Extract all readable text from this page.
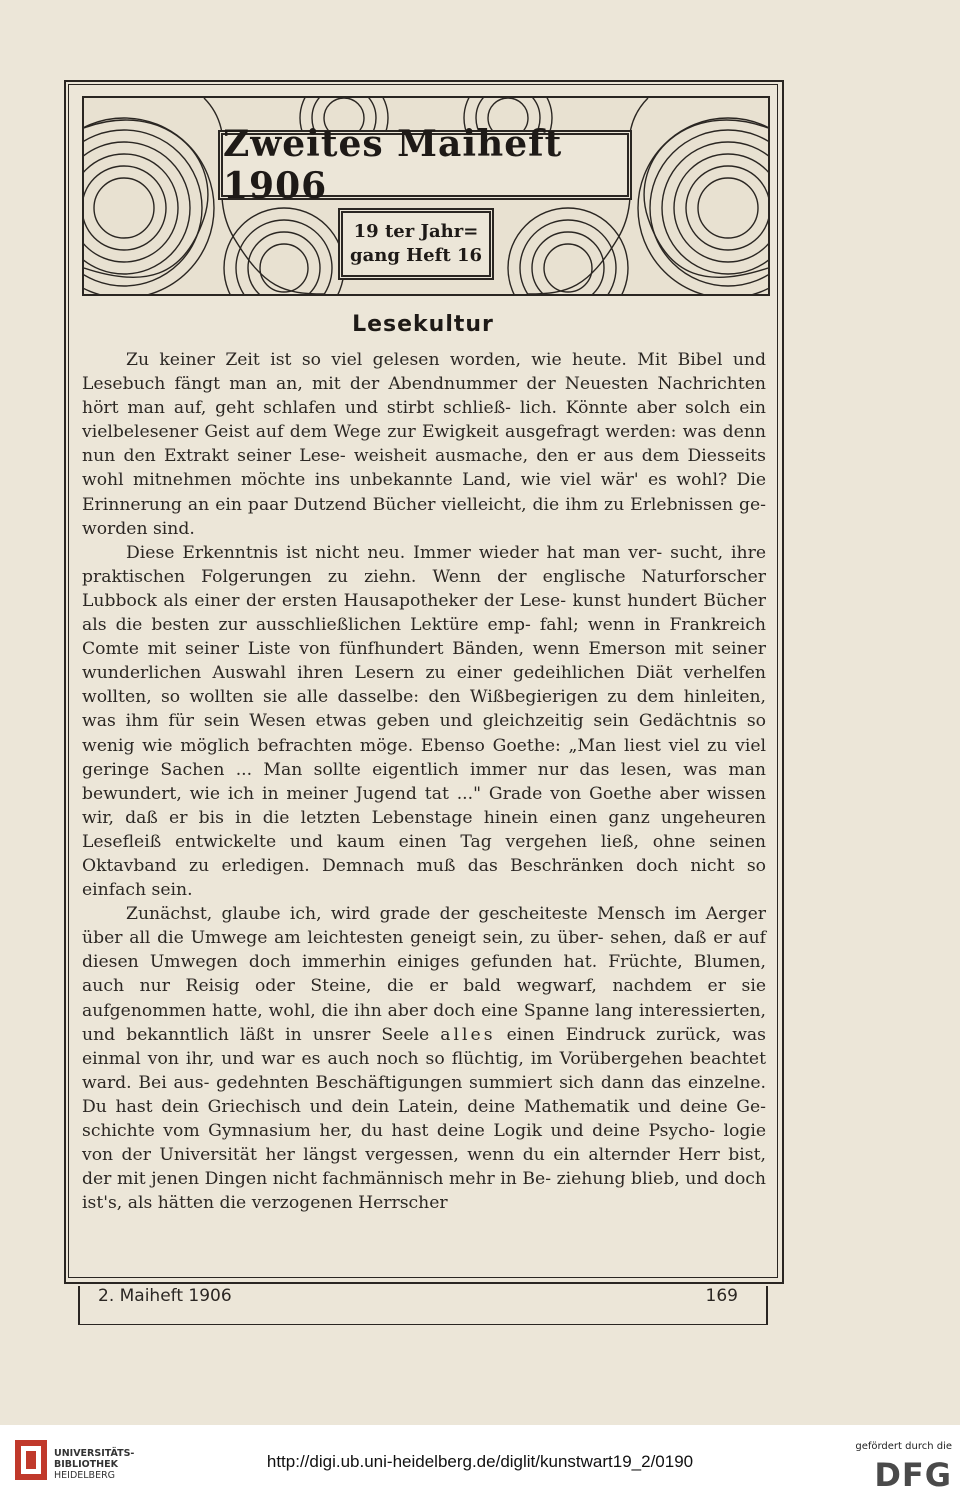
Zweites Maiheft 1906
19 ter Jahr=
gang Heft 16
Lesekultur

Zu keiner Zeit ist so viel gelesen worden, wie heute. Mit Bibel und Lesebuch fängt man an, mit der Abendnummer der Neuesten Nachrichten hört man auf, geht schlafen und stirbt schließ- lich. Könnte aber solch ein vielbelesener Geist auf dem Wege zur Ewigkeit ausgefragt werden: was denn nun den Extrakt seiner Lese- weisheit ausmache, den er aus dem Diesseits wohl mitnehmen möchte ins unbekannte Land, wie viel wär' es wohl? Die Erinnerung an ein paar Dutzend Bücher vielleicht, die ihm zu Erlebnissen ge- worden sind.

Diese Erkenntnis ist nicht neu. Immer wieder hat man ver- sucht, ihre praktischen Folgerungen zu ziehn. Wenn der englische Naturforscher Lubbock als einer der ersten Hausapotheker der Lese- kunst hundert Bücher als die besten zur ausschließlichen Lektüre emp- fahl; wenn in Frankreich Comte mit seiner Liste von fünfhundert Bänden, wenn Emerson mit seiner wunderlichen Auswahl ihren Lesern zu einer gedeihlichen Diät verhelfen wollten, so wollten sie alle dasselbe: den Wißbegierigen zu dem hinleiten, was ihm für sein Wesen etwas geben und gleichzeitig sein Gedächtnis so wenig wie möglich befrachten möge. Ebenso Goethe: „Man liest viel zu viel geringe Sachen ... Man sollte eigentlich immer nur das lesen, was man bewundert, wie ich in meiner Jugend tat ..." Grade von Goethe aber wissen wir, daß er bis in die letzten Lebenstage hinein einen ganz ungeheuren Lesefleiß entwickelte und kaum einen Tag vergehen ließ, ohne seinen Oktavband zu erledigen. Demnach muß das Beschränken doch nicht so einfach sein.

Zunächst, glaube ich, wird grade der gescheiteste Mensch im Aerger über all die Umwege am leichtesten geneigt sein, zu über- sehen, daß er auf diesen Umwegen doch immerhin einiges gefunden hat. Früchte, Blumen, auch nur Reisig oder Steine, die er bald wegwarf, nachdem er sie aufgenommen hatte, wohl, die ihn aber doch eine Spanne lang interessierten, und bekanntlich läßt in unsrer Seele alles einen Eindruck zurück, was einmal von ihr, und war es auch noch so flüchtig, im Vorübergehen beachtet ward. Bei aus- gedehnten Beschäftigungen summiert sich dann das einzelne. Du hast dein Griechisch und dein Latein, deine Mathematik und deine Ge- schichte vom Gymnasium her, du hast deine Logik und deine Psycho- logie von der Universität her längst vergessen, wenn du ein alternder Herr bist, der mit jenen Dingen nicht fachmännisch mehr in Be- ziehung blieb, und doch ist's, als hätten die verzogenen Herrscher

2. Maiheft 1906	169
UNIVERSITÄTS-
BIBLIOTHEK
HEIDELBERG
http://digi.ub.uni-heidelberg.de/diglit/kunstwart19_2/0190
gefördert durch die
DFG
